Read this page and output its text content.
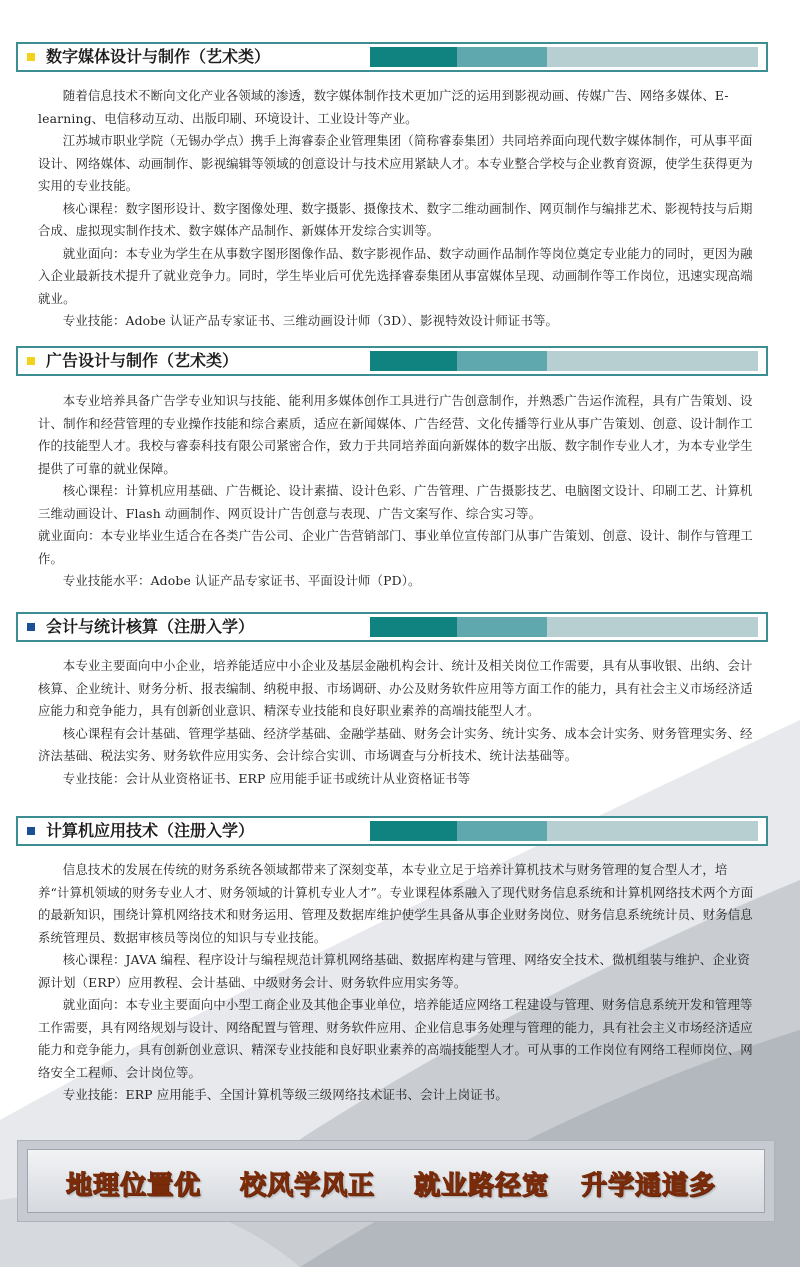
数字媒体设计与制作（艺术类）

随着信息技术不断向文化产业各领域的渗透，数字媒体制作技术更加广泛的运用到影视动画、传媒广告、网络多媒体、E-learning、电信移动互动、出版印刷、环境设计、工业设计等产业。

江苏城市职业学院（无锡办学点）携手上海睿泰企业管理集团（简称睿泰集团）共同培养面向现代数字媒体制作，可从事平面设计、网络媒体、动画制作、影视编辑等领域的创意设计与技术应用紧缺人才。本专业整合学校与企业教育资源，使学生获得更为实用的专业技能。

核心课程：数字图形设计、数字图像处理、数字摄影、摄像技术、数字二维动画制作、网页制作与编排艺术、影视特技与后期合成、虚拟现实制作技术、数字媒体产品制作、新媒体开发综合实训等。

就业面向：本专业为学生在从事数字图形图像作品、数字影视作品、数字动画作品制作等岗位奠定专业能力的同时，更因为融入企业最新技术提升了就业竞争力。同时，学生毕业后可优先选择睿泰集团从事富媒体呈现、动画制作等工作岗位，迅速实现高端就业。

专业技能：Adobe 认证产品专家证书、三维动画设计师（3D）、影视特效设计师证书等。

广告设计与制作（艺术类）

本专业培养具备广告学专业知识与技能、能利用多媒体创作工具进行广告创意制作，并熟悉广告运作流程，具有广告策划、设计、制作和经营管理的专业操作技能和综合素质，适应在新闻媒体、广告经营、文化传播等行业从事广告策划、创意、设计制作工作的技能型人才。我校与睿泰科技有限公司紧密合作，致力于共同培养面向新媒体的数字出版、数字制作专业人才，为本专业学生提供了可靠的就业保障。

核心课程：计算机应用基础、广告概论、设计素描、设计色彩、广告管理、广告摄影技艺、电脑图文设计、印刷工艺、计算机三维动画设计、Flash 动画制作、网页设计广告创意与表现、广告文案写作、综合实习等。

就业面向：本专业毕业生适合在各类广告公司、企业广告营销部门、事业单位宣传部门从事广告策划、创意、设计、制作与管理工作。

专业技能水平：Adobe 认证产品专家证书、平面设计师（PD）。

会计与统计核算（注册入学）

本专业主要面向中小企业，培养能适应中小企业及基层金融机构会计、统计及相关岗位工作需要，具有从事收银、出纳、会计核算、企业统计、财务分析、报表编制、纳税申报、市场调研、办公及财务软件应用等方面工作的能力，具有社会主义市场经济适应能力和竞争能力，具有创新创业意识、精深专业技能和良好职业素养的高端技能型人才。

核心课程有会计基础、管理学基础、经济学基础、金融学基础、财务会计实务、统计实务、成本会计实务、财务管理实务、经济法基础、税法实务、财务软件应用实务、会计综合实训、市场调查与分析技术、统计法基础等。

专业技能：会计从业资格证书、ERP 应用能手证书或统计从业资格证书等

计算机应用技术（注册入学）

信息技术的发展在传统的财务系统各领域都带来了深刻变革，本专业立足于培养计算机技术与财务管理的复合型人才，培养“计算机领域的财务专业人才、财务领域的计算机专业人才”。专业课程体系融入了现代财务信息系统和计算机网络技术两个方面的最新知识，围绕计算机网络技术和财务运用、管理及数据库维护使学生具备从事企业财务岗位、财务信息系统统计员、财务信息系统管理员、数据审核员等岗位的知识与专业技能。

核心课程：JAVA 编程、程序设计与编程规范计算机网络基础、数据库构建与管理、网络安全技术、微机组装与维护、企业资源计划（ERP）应用教程、会计基础、中级财务会计、财务软件应用实务等。

就业面向：本专业主要面向中小型工商企业及其他企事业单位，培养能适应网络工程建设与管理、财务信息系统开发和管理等工作需要，具有网络规划与设计、网络配置与管理、财务软件应用、企业信息事务处理与管理的能力，具有社会主义市场经济适应能力和竞争能力，具有创新创业意识、精深专业技能和良好职业素养的高端技能型人才。可从事的工作岗位有网络工程师岗位、网络安全工程师、会计岗位等。

专业技能：ERP 应用能手、全国计算机等级三级网络技术证书、会计上岗证书。

地理位置优 校风学风正 就业路径宽 升学通道多
